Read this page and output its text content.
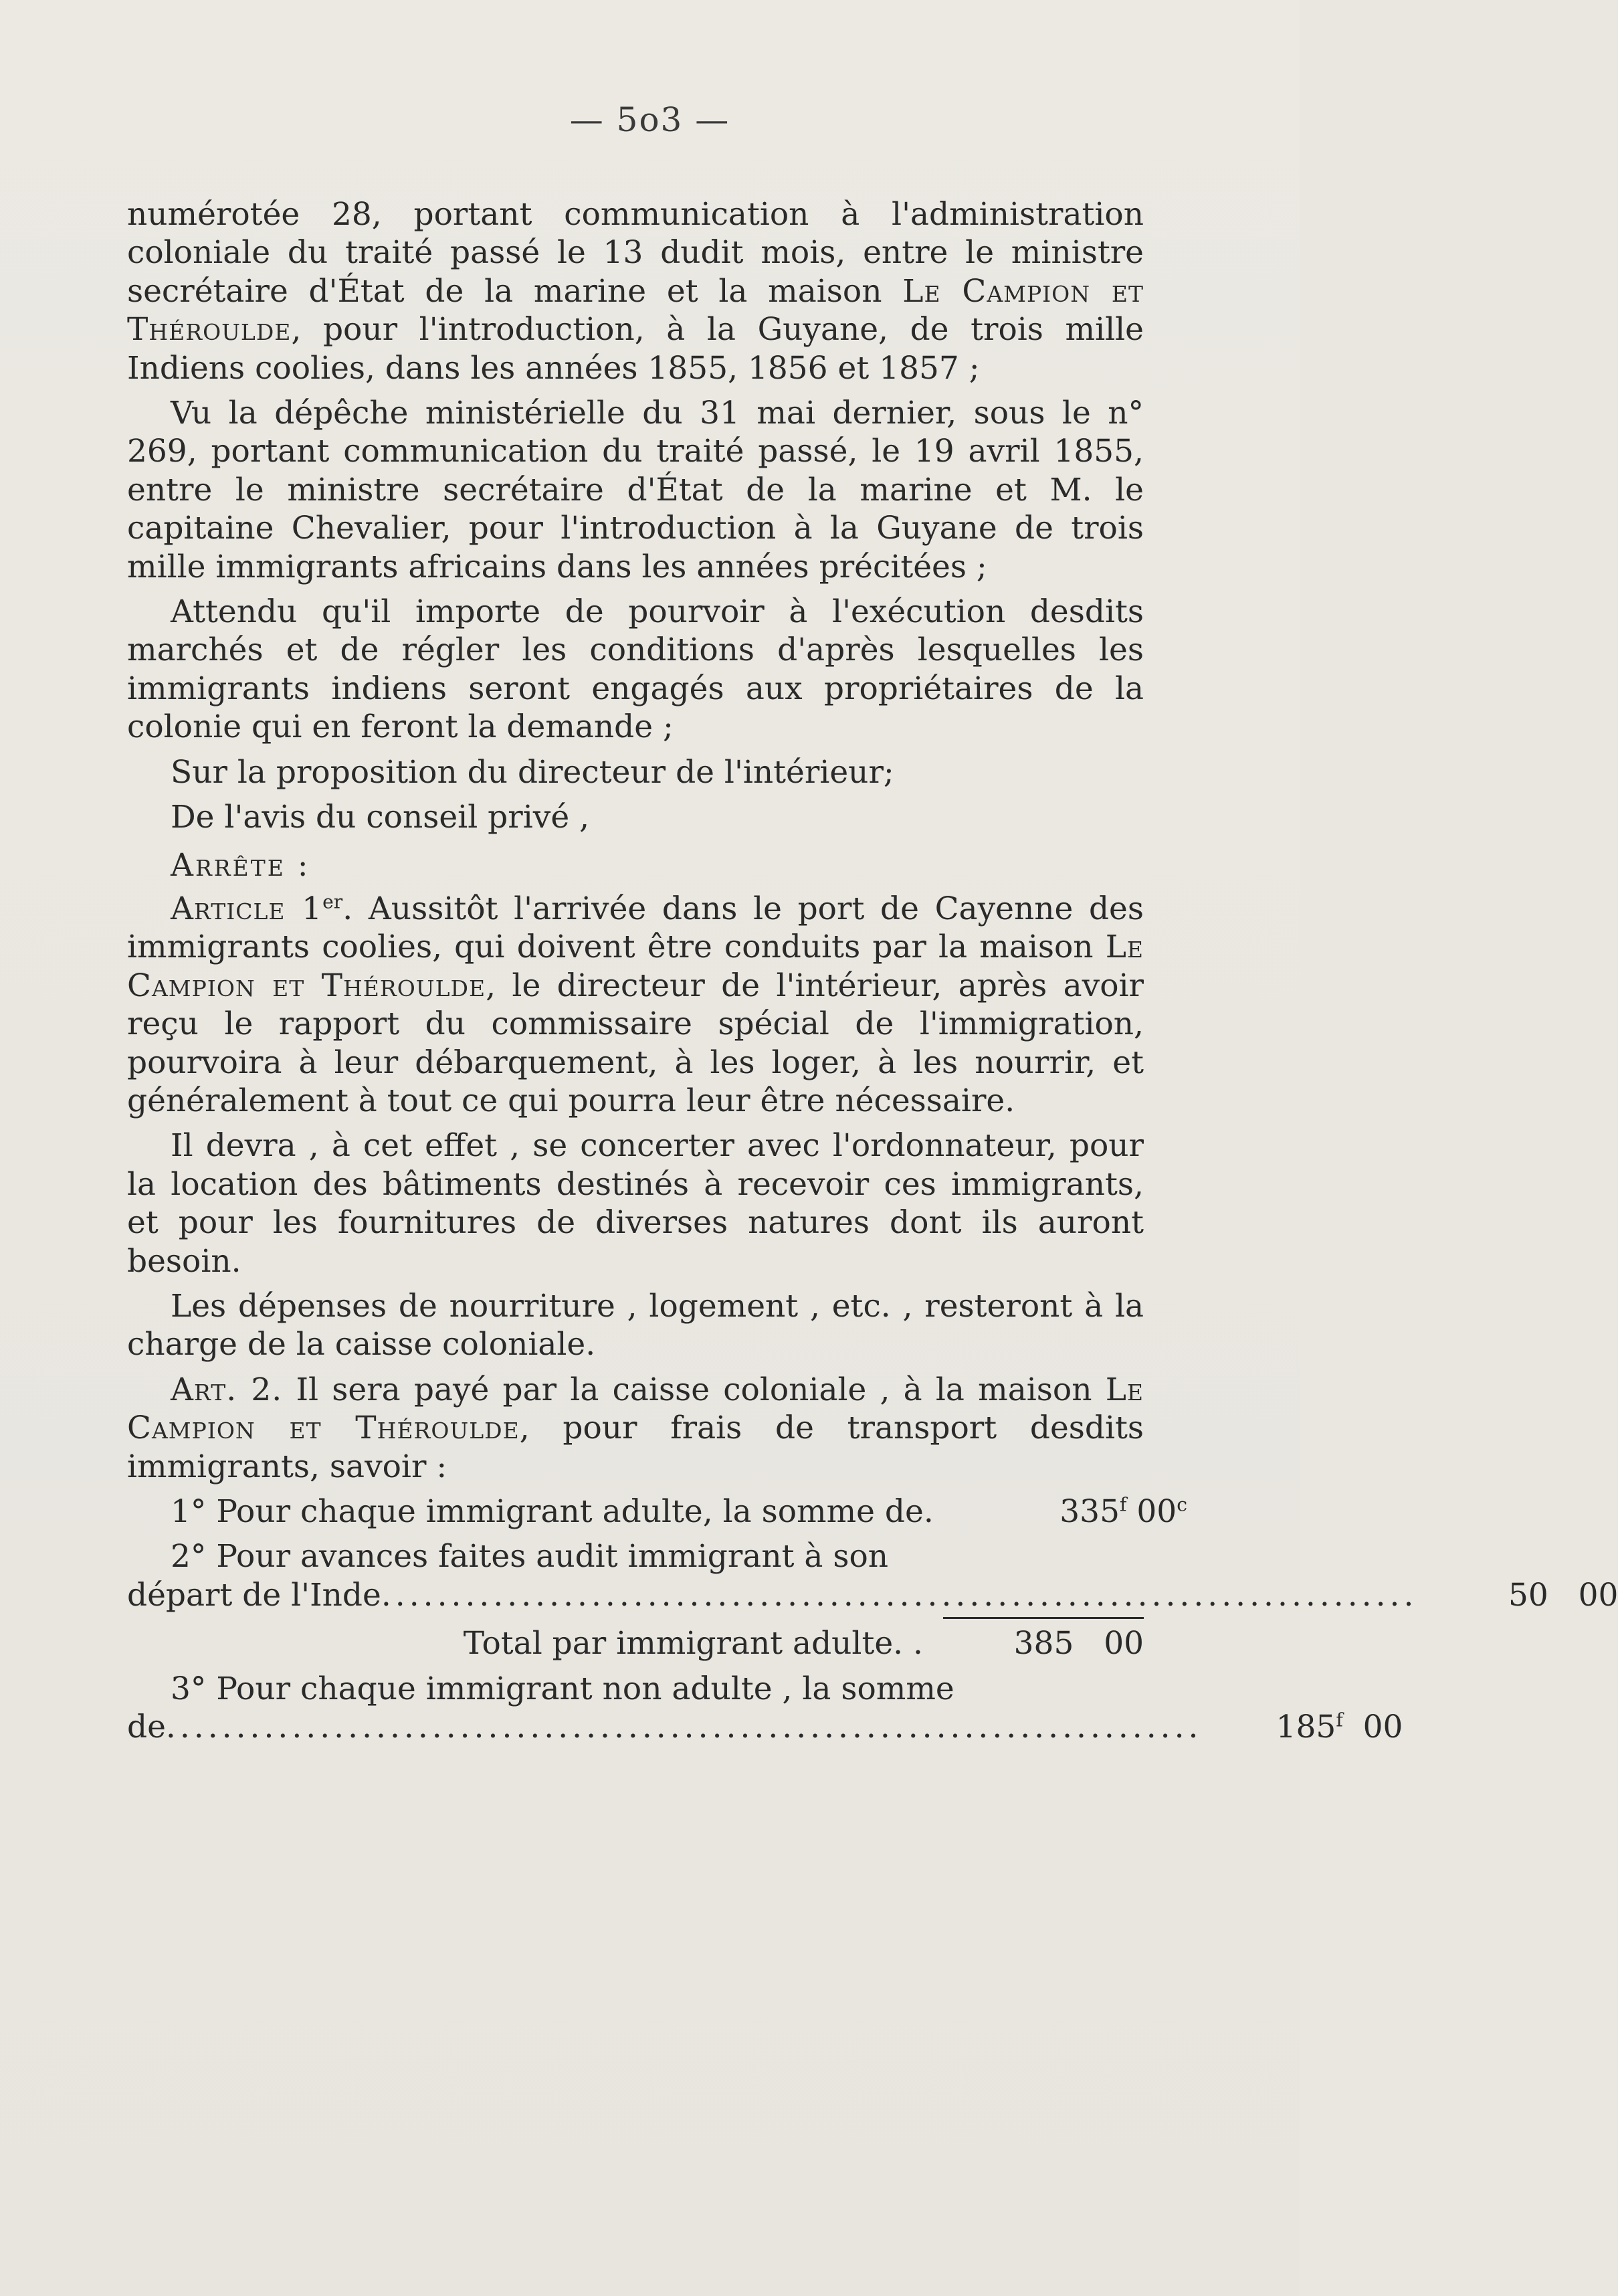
— 5o3 —

numérotée 28, portant communication à l'administration coloniale du traité passé le 13 dudit mois, entre le ministre secrétaire d'État de la marine et la maison Le Campion et Théroulde, pour l'introduction, à la Guyane, de trois mille Indiens coolies, dans les années 1855, 1856 et 1857 ;

Vu la dépêche ministérielle du 31 mai dernier, sous le n° 269, portant communication du traité passé, le 19 avril 1855, entre le ministre secrétaire d'État de la marine et M. le capitaine Chevalier, pour l'introduction à la Guyane de trois mille immigrants africains dans les années précitées ;

Attendu qu'il importe de pourvoir à l'exécution desdits marchés et de régler les conditions d'après lesquelles les immigrants indiens seront engagés aux propriétaires de la colonie qui en feront la demande ;

Sur la proposition du directeur de l'intérieur;

De l'avis du conseil privé ,

Arrête :

Article 1er. Aussitôt l'arrivée dans le port de Cayenne des immigrants coolies, qui doivent être conduits par la maison Le Campion et Théroulde, le directeur de l'intérieur, après avoir reçu le rapport du commissaire spécial de l'immigration, pourvoira à leur débarquement, à les loger, à les nourrir, et généralement à tout ce qui pourra leur être nécessaire.

Il devra , à cet effet , se concerter avec l'ordonnateur, pour la location des bâtiments destinés à recevoir ces immigrants, et pour les fournitures de diverses natures dont ils auront besoin.

Les dépenses de nourriture , logement , etc. , resteront à la charge de la caisse coloniale.

Art. 2. Il sera payé par la caisse coloniale , à la maison Le Campion et Théroulde, pour frais de transport desdits immigrants, savoir :

1° Pour chaque immigrant adulte, la somme de.	335$^f$ 00$^c$
2° Pour avances faites audit immigrant à son
départ de l'Inde..........................................................................	50 00
Total par immigrant adulte. .	385 00
3° Pour chaque immigrant non adulte , la somme
de..........................................................................	185$^f$ 00
